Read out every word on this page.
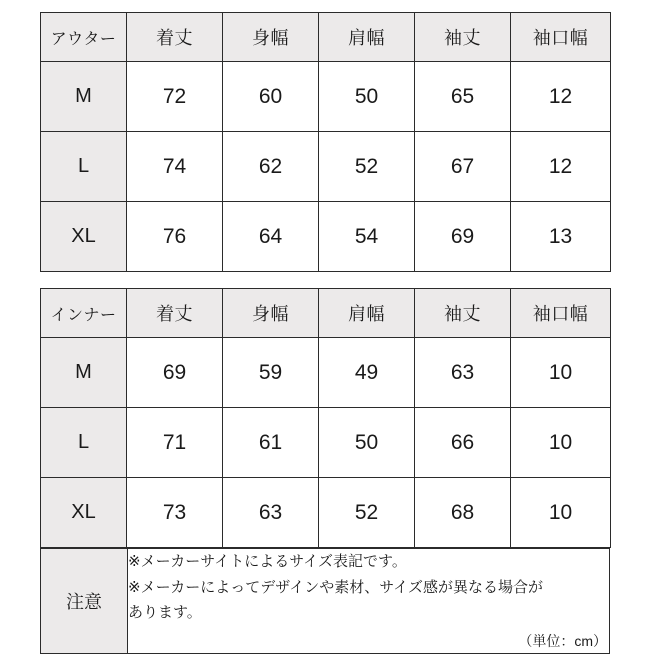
アウター	着丈	身幅	肩幅	袖丈	袖口幅
M	72	60	50	65	12
L	74	62	52	67	12
XL	76	64	54	69	13
インナー	着丈	身幅	肩幅	袖丈	袖口幅
M	69	59	49	63	10
L	71	61	50	66	10
XL	73	63	52	68	10
注意	
※メーカーサイトによるサイズ表記です。
※メーカーによってデザインや素材、サイズ感が異なる場合が
あります。
（単位：cm）
